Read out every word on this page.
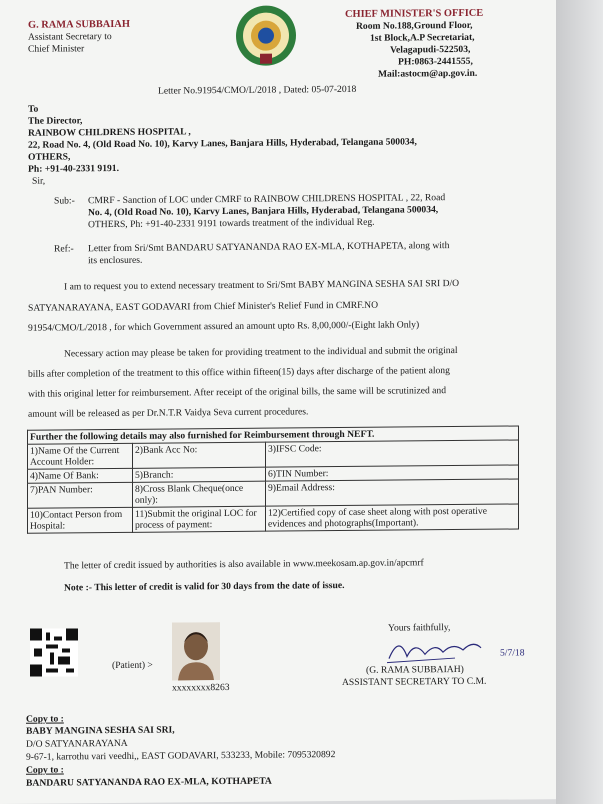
G. RAMA SUBBAIAH
Assistant Secretary to
Chief Minister
CHIEF MINISTER'S OFFICE
Room No.188,Ground Floor,
1st Block,A.P Secretariat,
Velagapudi-522503,
PH:0863-2441555,
Mail:astocm@ap.gov.in.
Letter No.91954/CMO/L/2018 , Dated: 05-07-2018
To
The Director,
RAINBOW CHILDRENS HOSPITAL ,
22, Road No. 4, (Old Road No. 10), Karvy Lanes, Banjara Hills, Hyderabad, Telangana 500034,
OTHERS,
Ph: +91-40-2331 9191.
Sir,
Sub:- CMRF - Sanction of LOC under CMRF to RAINBOW CHILDRENS HOSPITAL , 22, Road
No. 4, (Old Road No. 10), Karvy Lanes, Banjara Hills, Hyderabad, Telangana 500034,
OTHERS, Ph: +91-40-2331 9191 towards treatment of the individual Reg.
Ref:- Letter from Sri/Smt BANDARU SATYANANDA RAO EX-MLA, KOTHAPETA, along with
its enclosures.
I am to request you to extend necessary treatment to Sri/Smt BABY MANGINA SESHA SAI SRI D/O
SATYANARAYANA, EAST GODAVARI from Chief Minister's Relief Fund in CMRF.NO
91954/CMO/L/2018 , for which Government assured an amount upto Rs. 8,00,000/-(Eight lakh Only)
Necessary action may please be taken for providing treatment to the individual and submit the original
bills after completion of the treatment to this office within fifteen(15) days after discharge of the patient along
with this original letter for reimbursement. After receipt of the original bills, the same will be scrutinized and
amount will be released as per Dr.N.T.R Vaidya Seva current procedures.
Further the following details may also furnished for Reimbursement through NEFT.		
1)Name Of the Current Account Holder:	2)Bank Acc No:	3)IFSC Code:
4)Name Of Bank:	5)Branch:	6)TIN Number:
7)PAN Number:	8)Cross Blank Cheque(once only):	9)Email Address:
10)Contact Person from Hospital:	11)Submit the original LOC for process of payment:	12)Certified copy of case sheet along with post operative evidences and photographs(Important).
The letter of credit issued by authorities is also available in www.meekosam.ap.gov.in/apcmrf
Note :- This letter of credit is valid for 30 days from the date of issue.
(Patient) >
xxxxxxxx8263
Yours faithfully,
5/7/18
(G. RAMA SUBBAIAH)
ASSISTANT SECRETARY TO C.M.
Copy to :
BABY MANGINA SESHA SAI SRI,
D/O SATYANARAYANA
9-67-1, karrothu vari veedhi,, EAST GODAVARI, 533233, Mobile: 7095320892
Copy to :
BANDARU SATYANANDA RAO EX-MLA, KOTHAPETA
